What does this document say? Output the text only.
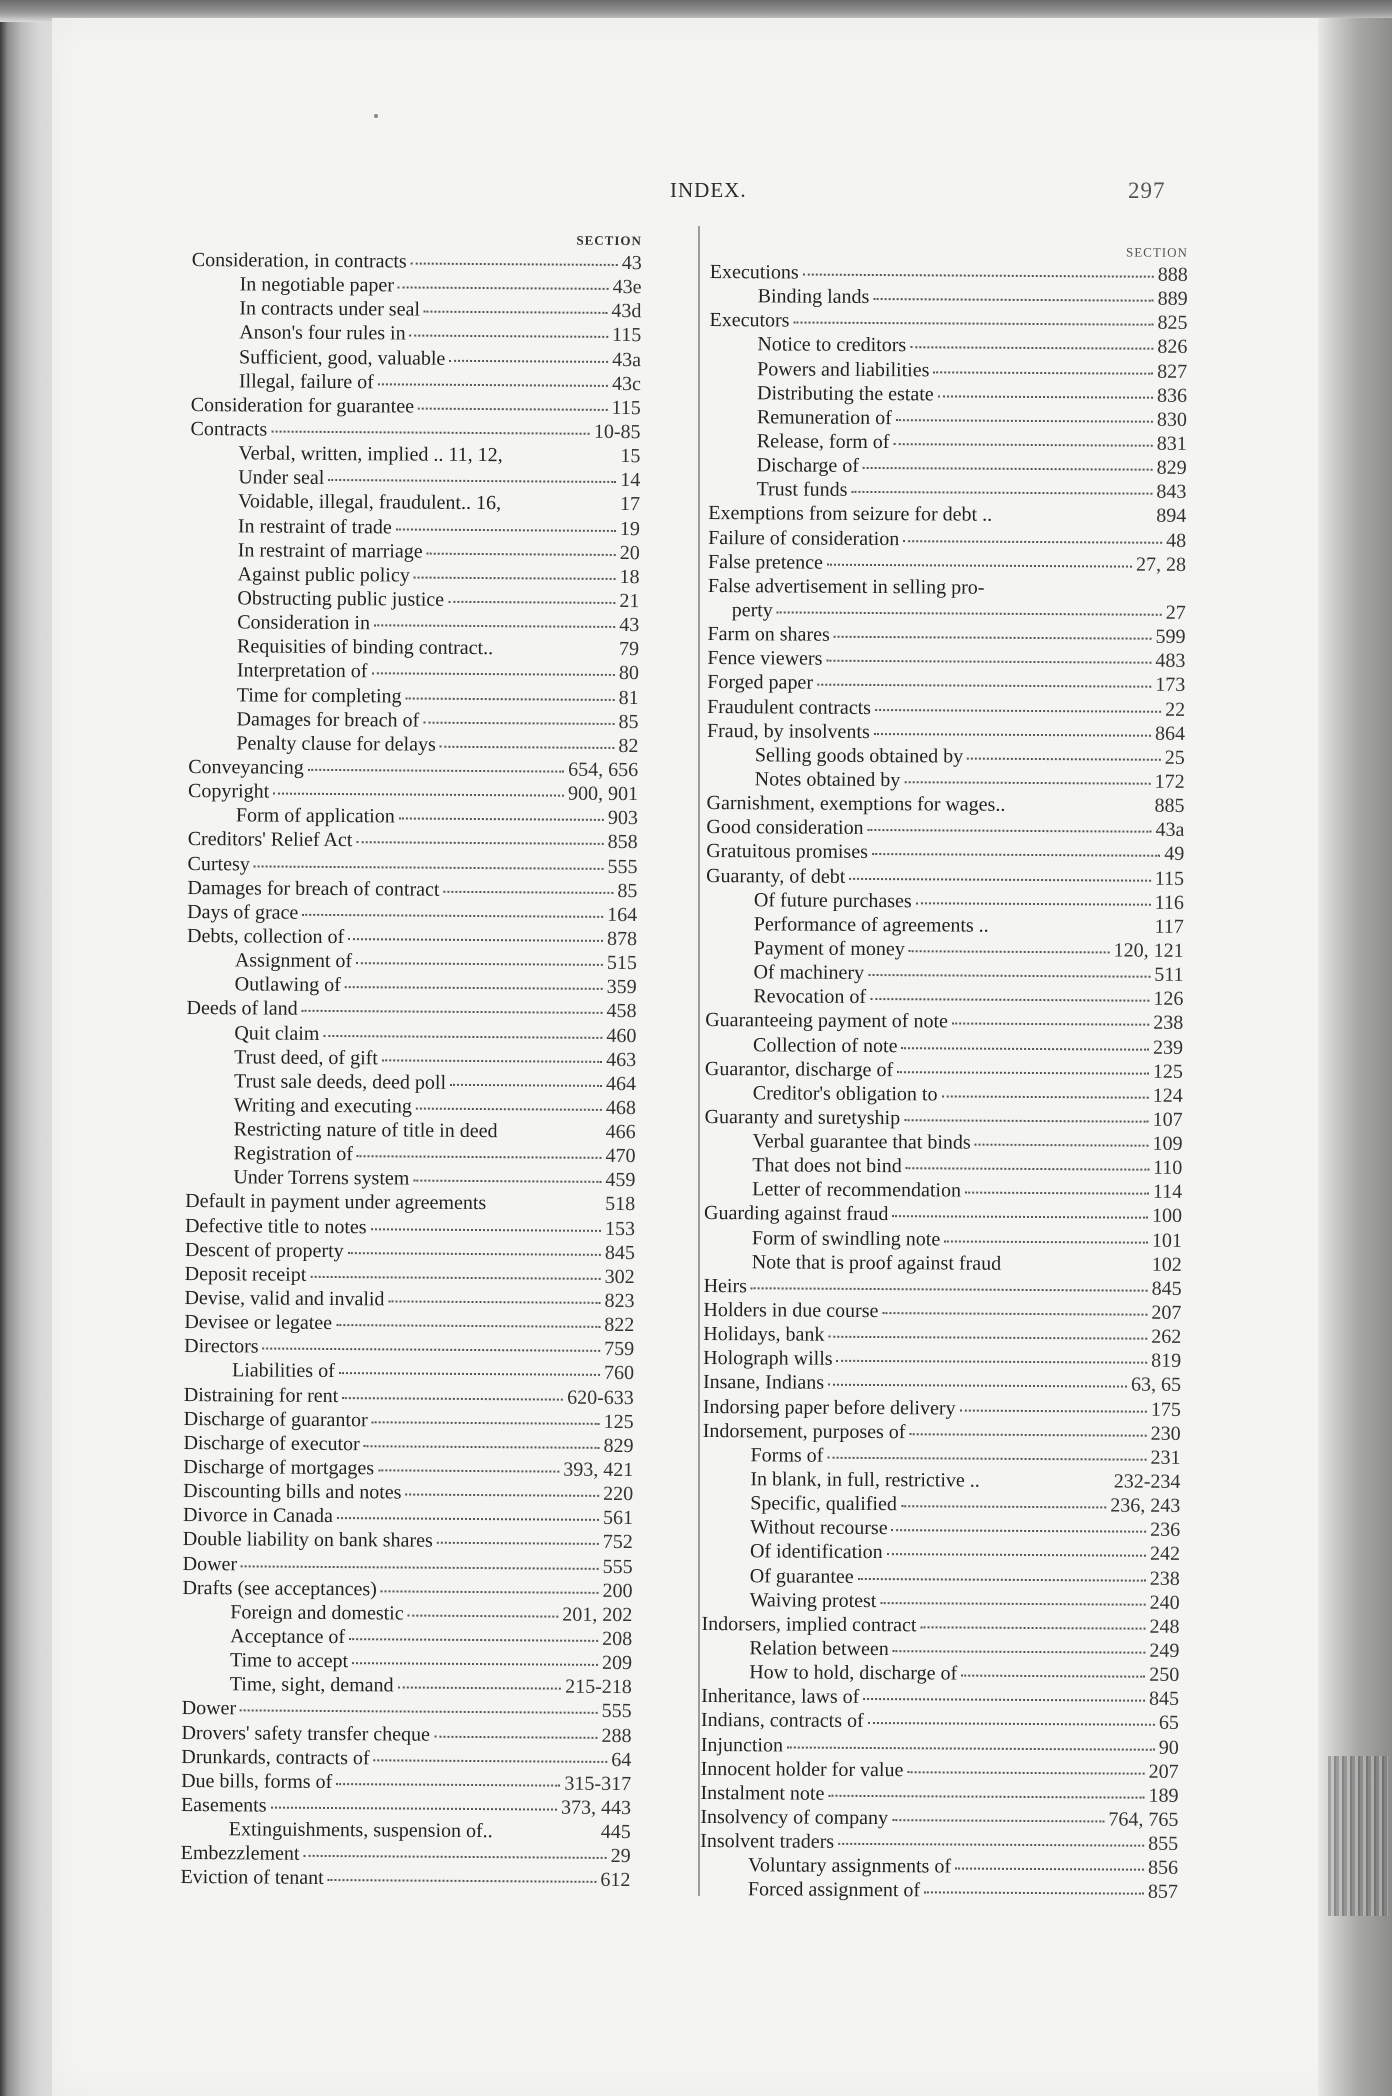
INDEX.	297
SECTION
Consideration, in contracts	43
In negotiable paper	43e
In contracts under seal	43d
Anson's four rules in	115
Sufficient, good, valuable	43a
Illegal, failure of	43c
Consideration for guarantee	115
Contracts	10-85
Verbal, written, implied .. 11, 12,	15
Under seal	14
Voidable, illegal, fraudulent.. 16,	17
In restraint of trade	19
In restraint of marriage	20
Against public policy	18
Obstructing public justice	21
Consideration in	43
Requisities of binding contract..	79
Interpretation of	80
Time for completing	81
Damages for breach of	85
Penalty clause for delays	82
Conveyancing	654, 656
Copyright	900, 901
Form of application	903
Creditors' Relief Act	858
Curtesy	555
Damages for breach of contract	85
Days of grace	164
Debts, collection of	878
Assignment of	515
Outlawing of	359
Deeds of land	458
Quit claim	460
Trust deed, of gift	463
Trust sale deeds, deed poll	464
Writing and executing	468
Restricting nature of title in deed	466
Registration of	470
Under Torrens system	459
Default in payment under agreements	518
Defective title to notes	153
Descent of property	845
Deposit receipt	302
Devise, valid and invalid	823
Devisee or legatee	822
Directors	759
Liabilities of	760
Distraining for rent	620-633
Discharge of guarantor	125
Discharge of executor	829
Discharge of mortgages	393, 421
Discounting bills and notes	220
Divorce in Canada	561
Double liability on bank shares	752
Dower	555
Drafts (see acceptances)	200
Foreign and domestic	201, 202
Acceptance of	208
Time to accept	209
Time, sight, demand	215-218
Dower	555
Drovers' safety transfer cheque	288
Drunkards, contracts of	64
Due bills, forms of	315-317
Easements	373, 443
Extinguishments, suspension of..	445
Embezzlement	29
Eviction of tenant	612
SECTION
Executions	888
Binding lands	889
Executors	825
Notice to creditors	826
Powers and liabilities	827
Distributing the estate	836
Remuneration of	830
Release, form of	831
Discharge of	829
Trust funds	843
Exemptions from seizure for debt ..	894
Failure of consideration	48
False pretence	27, 28
False advertisement in selling pro-
perty	27
Farm on shares	599
Fence viewers	483
Forged paper	173
Fraudulent contracts	22
Fraud, by insolvents	864
Selling goods obtained by	25
Notes obtained by	172
Garnishment, exemptions for wages..	885
Good consideration	43a
Gratuitous promises	49
Guaranty, of debt	115
Of future purchases	116
Performance of agreements ..	117
Payment of money	120, 121
Of machinery	511
Revocation of	126
Guaranteeing payment of note	238
Collection of note	239
Guarantor, discharge of	125
Creditor's obligation to	124
Guaranty and suretyship	107
Verbal guarantee that binds	109
That does not bind	110
Letter of recommendation	114
Guarding against fraud	100
Form of swindling note	101
Note that is proof against fraud	102
Heirs	845
Holders in due course	207
Holidays, bank	262
Holograph wills	819
Insane, Indians	63, 65
Indorsing paper before delivery	175
Indorsement, purposes of	230
Forms of	231
In blank, in full, restrictive ..	232-234
Specific, qualified	236, 243
Without recourse	236
Of identification	242
Of guarantee	238
Waiving protest	240
Indorsers, implied contract	248
Relation between	249
How to hold, discharge of	250
Inheritance, laws of	845
Indians, contracts of	65
Injunction	90
Innocent holder for value	207
Instalment note	189
Insolvency of company	764, 765
Insolvent traders	855
Voluntary assignments of	856
Forced assignment of	857
